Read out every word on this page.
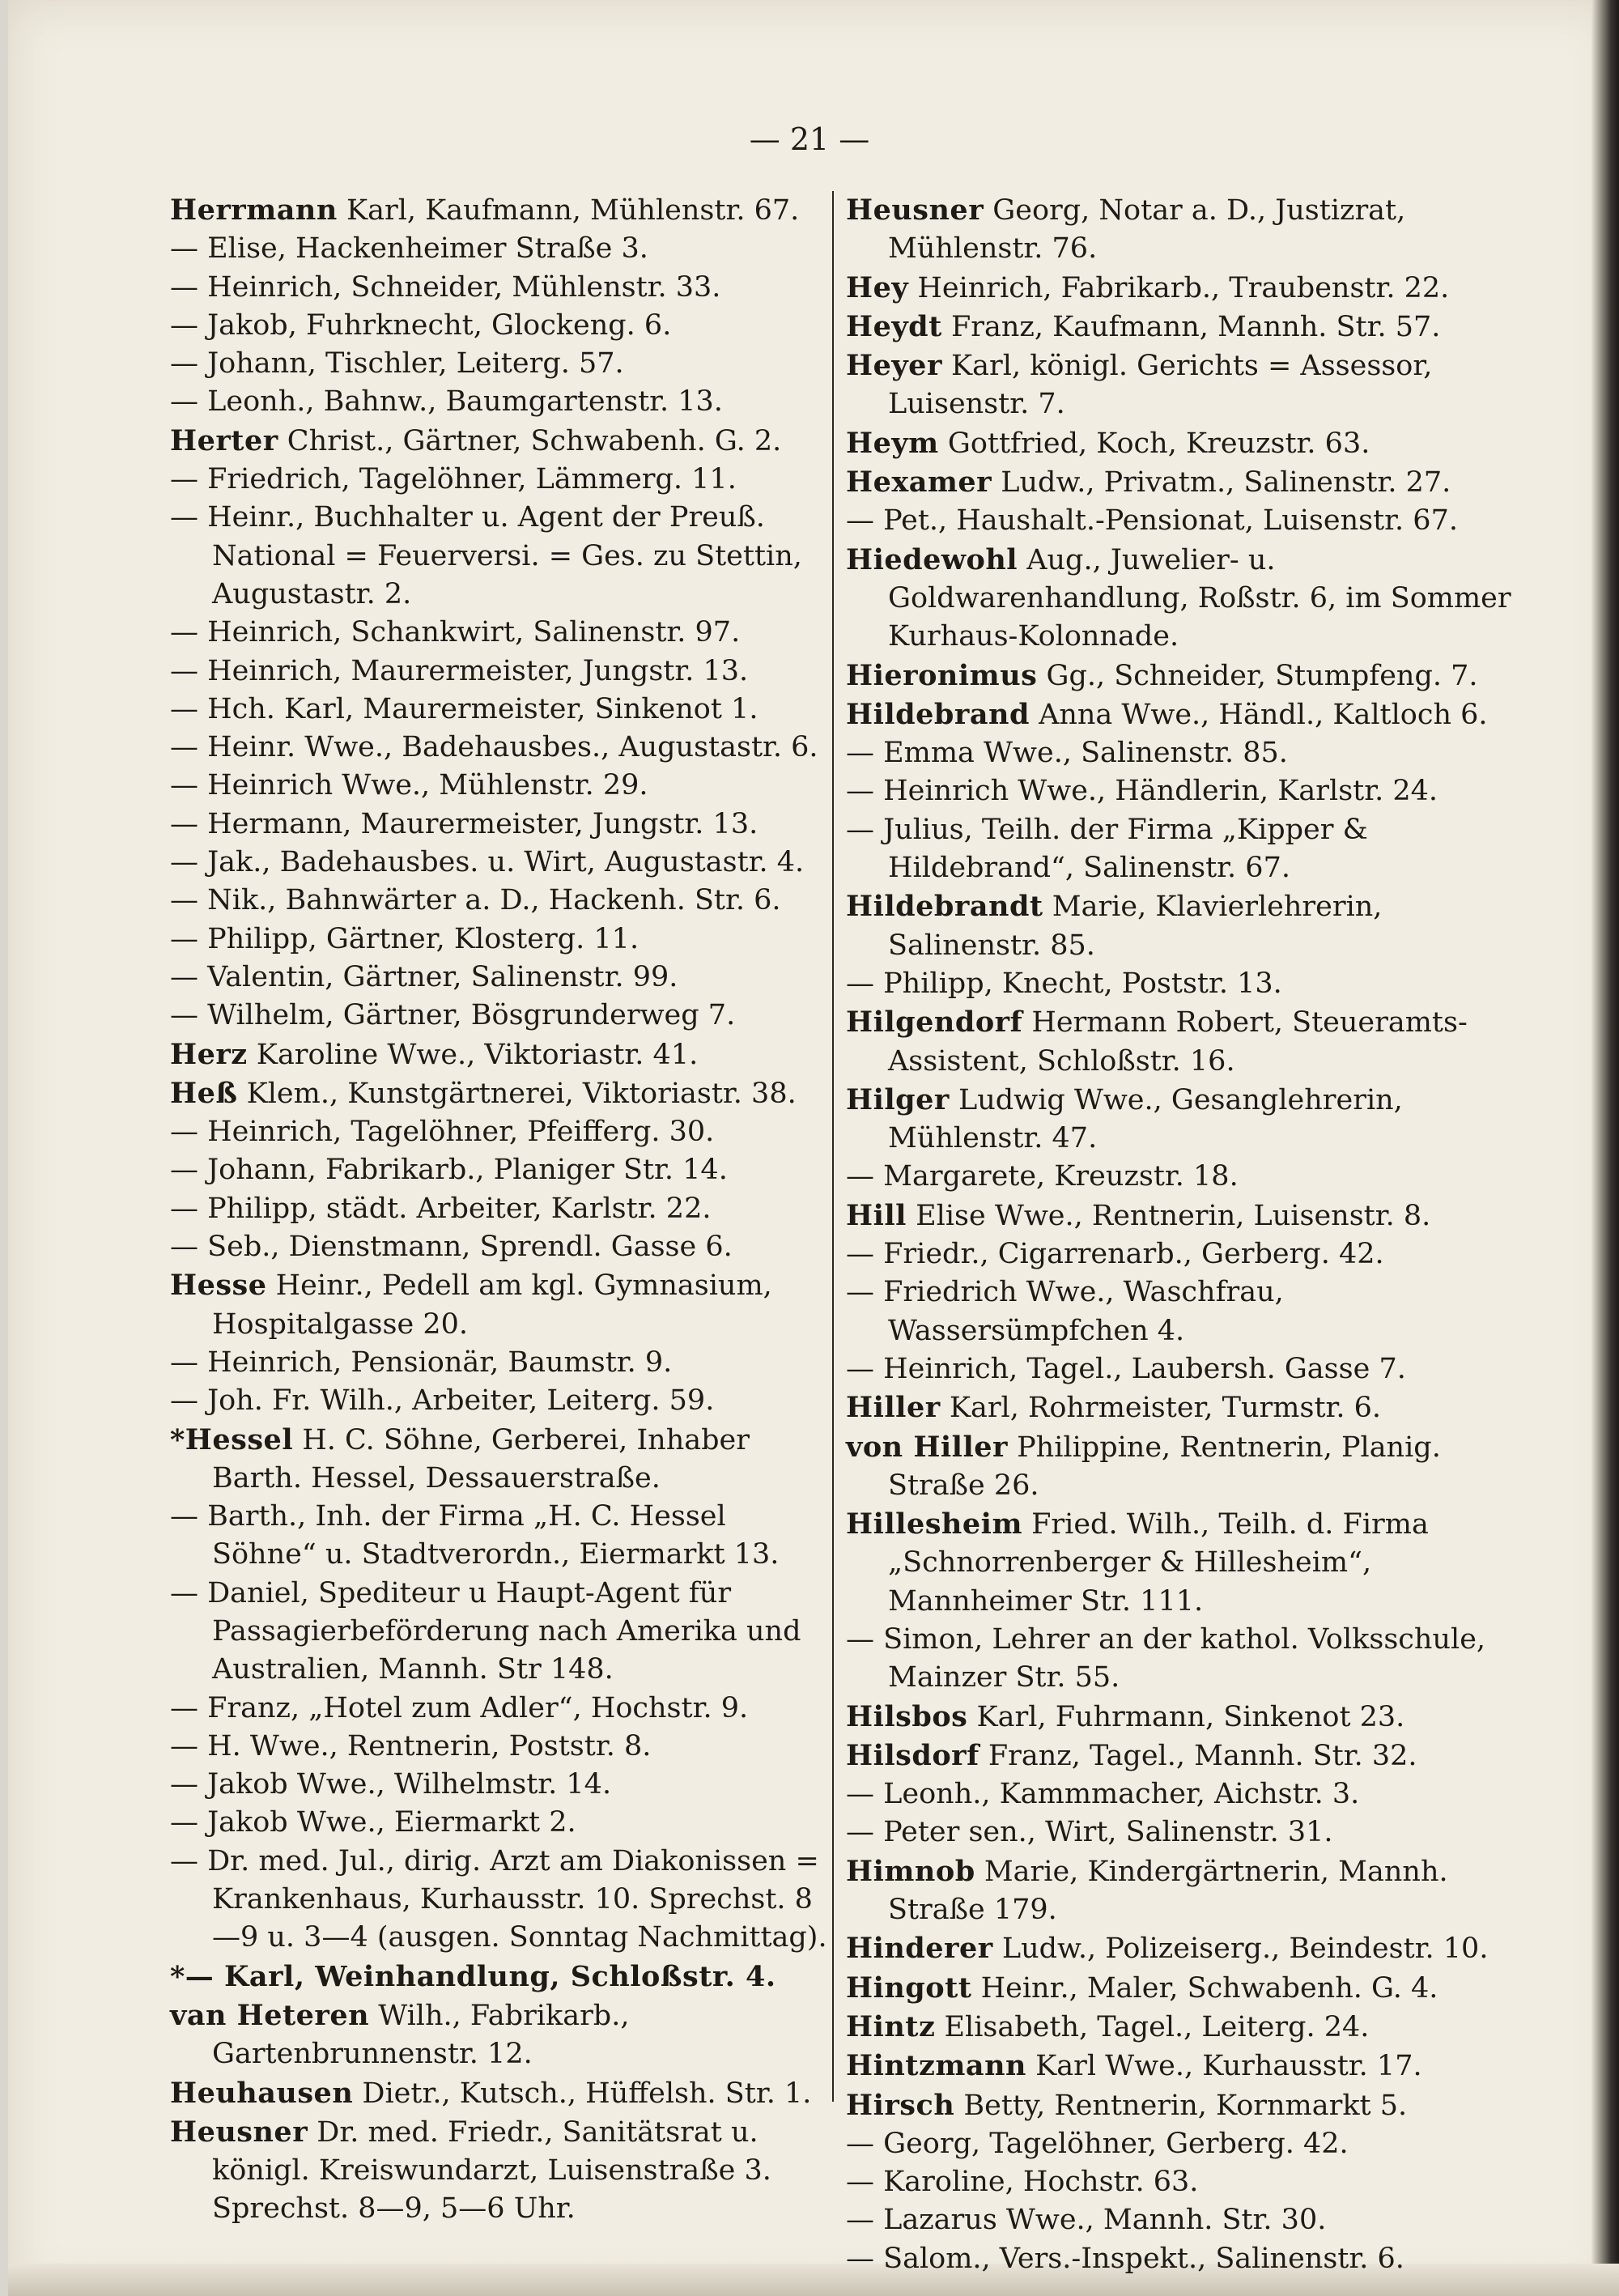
— 21 —
Herrmann Karl, Kaufmann, Mühlenstr. 67.
— Elise, Hackenheimer Straße 3.
— Heinrich, Schneider, Mühlenstr. 33.
— Jakob, Fuhrknecht, Glockeng. 6.
— Johann, Tischler, Leiterg. 57.
— Leonh., Bahnw., Baumgartenstr. 13.
Herter Christ., Gärtner, Schwabenh. G. 2.
— Friedrich, Tagelöhner, Lämmerg. 11.
— Heinr., Buchhalter u. Agent der Preuß. National = Feuerversi. = Ges. zu Stettin, Augustastr. 2.
— Heinrich, Schankwirt, Salinenstr. 97.
— Heinrich, Maurermeister, Jungstr. 13.
— Hch. Karl, Maurermeister, Sinkenot 1.
— Heinr. Wwe., Badehausbes., Augustastr. 6.
— Heinrich Wwe., Mühlenstr. 29.
— Hermann, Maurermeister, Jungstr. 13.
— Jak., Badehausbes. u. Wirt, Augustastr. 4.
— Nik., Bahnwärter a. D., Hackenh. Str. 6.
— Philipp, Gärtner, Klosterg. 11.
— Valentin, Gärtner, Salinenstr. 99.
— Wilhelm, Gärtner, Bösgrunderweg 7.
Herz Karoline Wwe., Viktoriastr. 41.
Heß Klem., Kunstgärtnerei, Viktoriastr. 38.
— Heinrich, Tagelöhner, Pfeifferg. 30.
— Johann, Fabrikarb., Planiger Str. 14.
— Philipp, städt. Arbeiter, Karlstr. 22.
— Seb., Dienstmann, Sprendl. Gasse 6.
Hesse Heinr., Pedell am kgl. Gymnasium, Hospitalgasse 20.
— Heinrich, Pensionär, Baumstr. 9.
— Joh. Fr. Wilh., Arbeiter, Leiterg. 59.
*Hessel H. C. Söhne, Gerberei, Inhaber Barth. Hessel, Dessauerstraße.
— Barth., Inh. der Firma „H. C. Hessel Söhne“ u. Stadtverordn., Eiermarkt 13.
— Daniel, Spediteur u Haupt-Agent für Passagierbeförderung nach Amerika und Australien, Mannh. Str 148.
— Franz, „Hotel zum Adler“, Hochstr. 9.
— H. Wwe., Rentnerin, Poststr. 8.
— Jakob Wwe., Wilhelmstr. 14.
— Jakob Wwe., Eiermarkt 2.
— Dr. med. Jul., dirig. Arzt am Diakonissen = Krankenhaus, Kurhausstr. 10. Sprechst. 8—9 u. 3—4 (ausgen. Sonntag Nachmittag).
*— Karl, Weinhandlung, Schloßstr. 4.
van Heteren Wilh., Fabrikarb., Gartenbrunnenstr. 12.
Heuhausen Dietr., Kutsch., Hüffelsh. Str. 1.
Heusner Dr. med. Friedr., Sanitätsrat u. königl. Kreiswundarzt, Luisenstraße 3. Sprechst. 8—9, 5—6 Uhr.
Heusner Georg, Notar a. D., Justizrat, Mühlenstr. 76.
Hey Heinrich, Fabrikarb., Traubenstr. 22.
Heydt Franz, Kaufmann, Mannh. Str. 57.
Heyer Karl, königl. Gerichts = Assessor, Luisenstr. 7.
Heym Gottfried, Koch, Kreuzstr. 63.
Hexamer Ludw., Privatm., Salinenstr. 27.
— Pet., Haushalt.-Pensionat, Luisenstr. 67.
Hiedewohl Aug., Juwelier- u. Goldwarenhandlung, Roßstr. 6, im Sommer Kurhaus-Kolonnade.
Hieronimus Gg., Schneider, Stumpfeng. 7.
Hildebrand Anna Wwe., Händl., Kaltloch 6.
— Emma Wwe., Salinenstr. 85.
— Heinrich Wwe., Händlerin, Karlstr. 24.
— Julius, Teilh. der Firma „Kipper & Hildebrand“, Salinenstr. 67.
Hildebrandt Marie, Klavierlehrerin, Salinenstr. 85.
— Philipp, Knecht, Poststr. 13.
Hilgendorf Hermann Robert, Steueramts-Assistent, Schloßstr. 16.
Hilger Ludwig Wwe., Gesanglehrerin, Mühlenstr. 47.
— Margarete, Kreuzstr. 18.
Hill Elise Wwe., Rentnerin, Luisenstr. 8.
— Friedr., Cigarrenarb., Gerberg. 42.
— Friedrich Wwe., Waschfrau, Wassersümpfchen 4.
— Heinrich, Tagel., Laubersh. Gasse 7.
Hiller Karl, Rohrmeister, Turmstr. 6.
von Hiller Philippine, Rentnerin, Planig. Straße 26.
Hillesheim Fried. Wilh., Teilh. d. Firma „Schnorrenberger & Hillesheim“, Mannheimer Str. 111.
— Simon, Lehrer an der kathol. Volksschule, Mainzer Str. 55.
Hilsbos Karl, Fuhrmann, Sinkenot 23.
Hilsdorf Franz, Tagel., Mannh. Str. 32.
— Leonh., Kammmacher, Aichstr. 3.
— Peter sen., Wirt, Salinenstr. 31.
Himnob Marie, Kindergärtnerin, Mannh. Straße 179.
Hinderer Ludw., Polizeiserg., Beindestr. 10.
Hingott Heinr., Maler, Schwabenh. G. 4.
Hintz Elisabeth, Tagel., Leiterg. 24.
Hintzmann Karl Wwe., Kurhausstr. 17.
Hirsch Betty, Rentnerin, Kornmarkt 5.
— Georg, Tagelöhner, Gerberg. 42.
— Karoline, Hochstr. 63.
— Lazarus Wwe., Mannh. Str. 30.
— Salom., Vers.-Inspekt., Salinenstr. 6.
